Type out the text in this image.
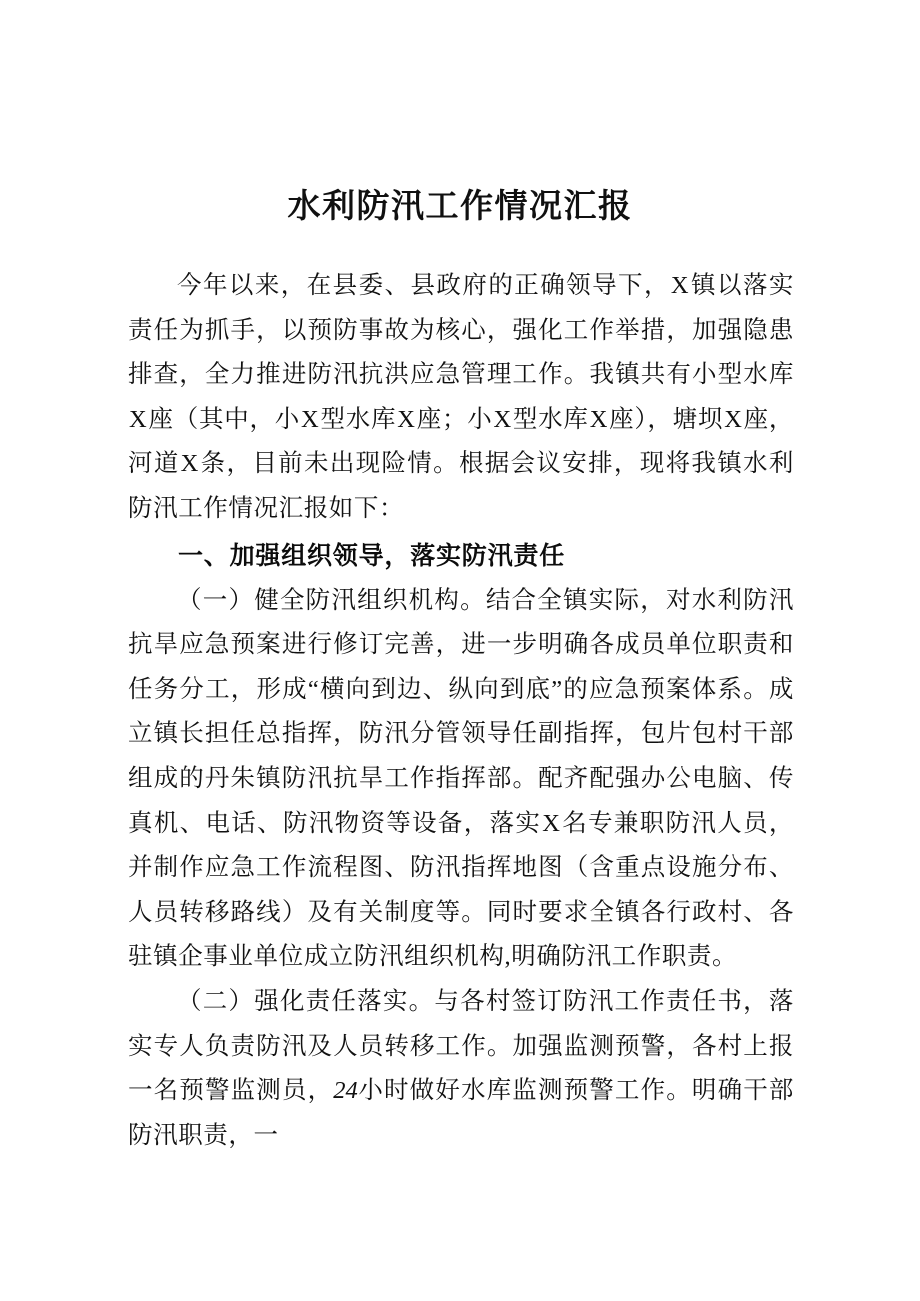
水利防汛工作情况汇报

今年以来，在县委、县政府的正确领导下，X镇以落实责任为抓手，以预防事故为核心，强化工作举措，加强隐患排查，全力推进防汛抗洪应急管理工作。我镇共有小型水库X座（其中，小X型水库X座；小X型水库X座），塘坝X座，河道X条，目前未出现险情。根据会议安排，现将我镇水利防汛工作情况汇报如下：

一、加强组织领导，落实防汛责任

（一）健全防汛组织机构。结合全镇实际，对水利防汛抗旱应急预案进行修订完善，进一步明确各成员单位职责和任务分工，形成“横向到边、纵向到底”的应急预案体系。成立镇长担任总指挥，防汛分管领导任副指挥，包片包村干部组成的丹朱镇防汛抗旱工作指挥部。配齐配强办公电脑、传真机、电话、防汛物资等设备，落实X名专兼职防汛人员，并制作应急工作流程图、防汛指挥地图（含重点设施分布、人员转移路线）及有关制度等。同时要求全镇各行政村、各驻镇企事业单位成立防汛组织机构,明确防汛工作职责。

（二）强化责任落实。与各村签订防汛工作责任书，落实专人负责防汛及人员转移工作。加强监测预警，各村上报一名预警监测员，24小时做好水库监测预警工作。明确干部防汛职责，一
